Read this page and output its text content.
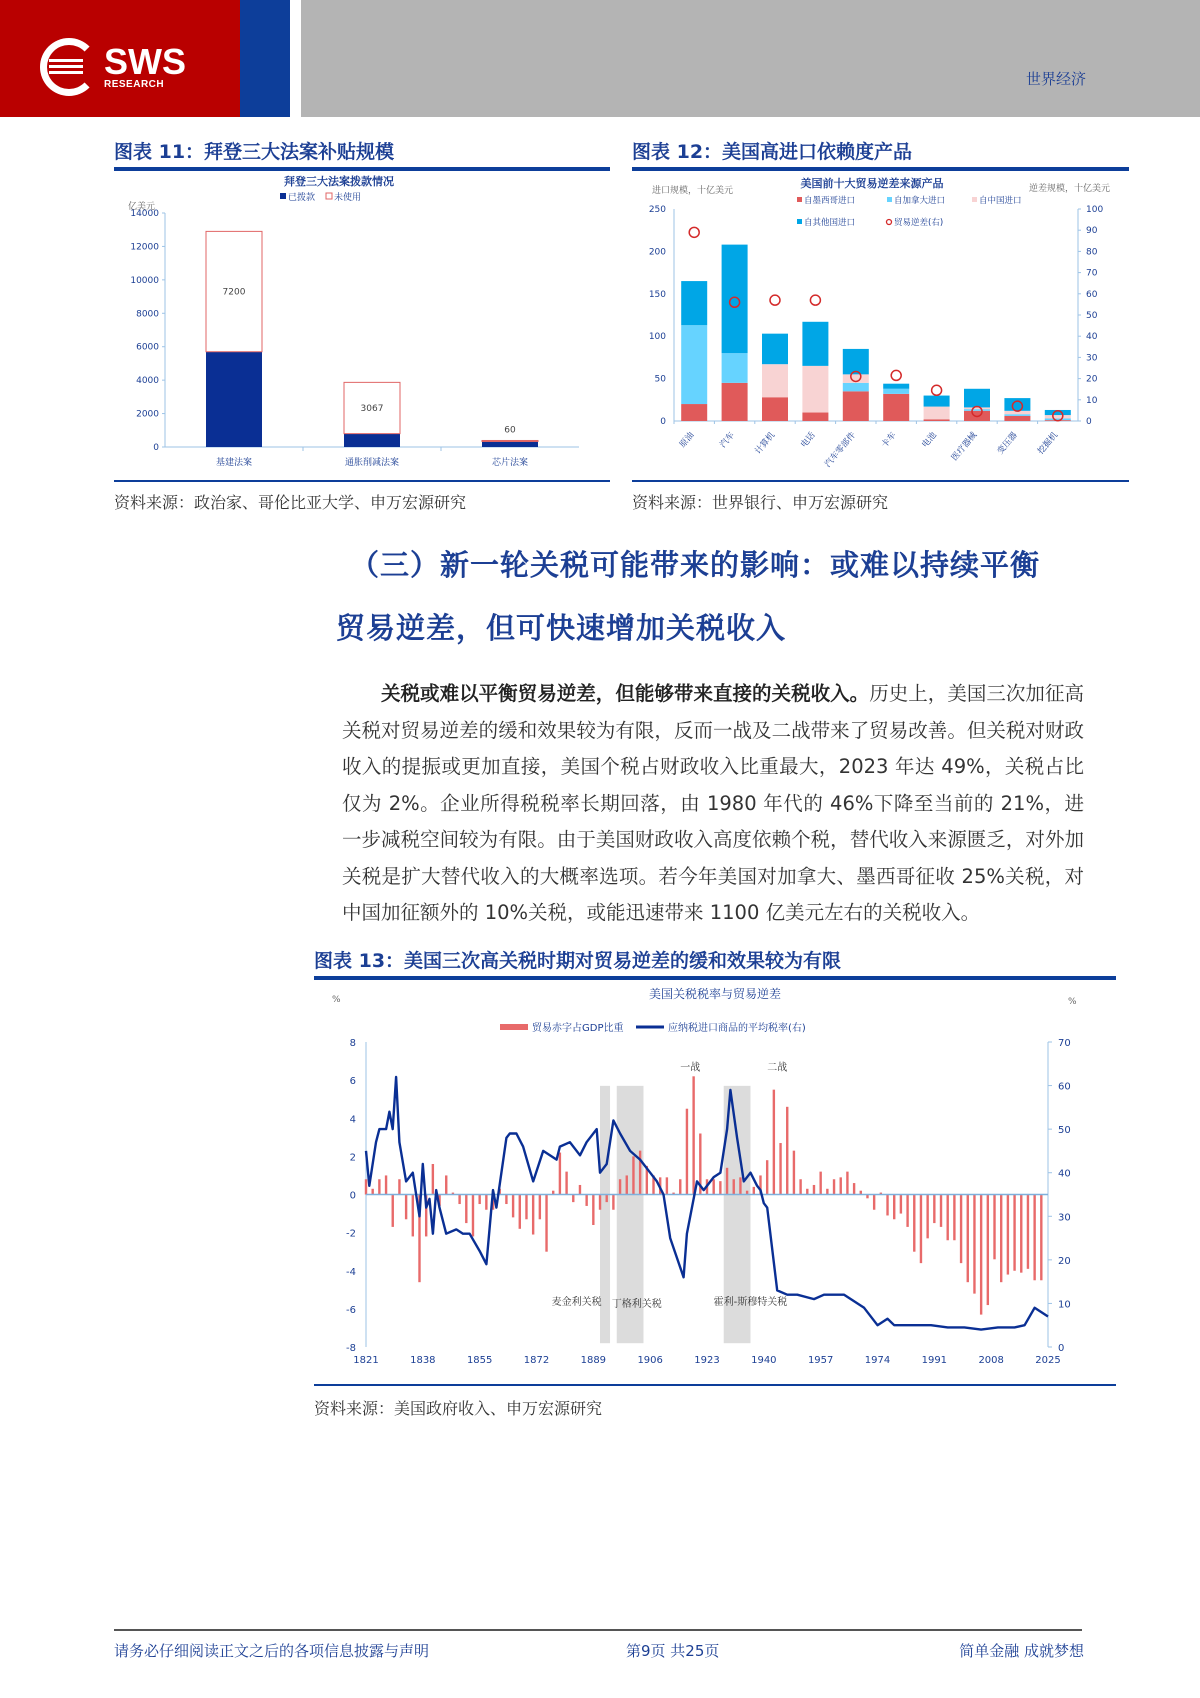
SWS
RESEARCH	世界经济
图表 11：拜登三大法案补贴规模	图表 12：美国高进口依赖度产品
拜登三大法案拨款情况
亿美元
0
2000
4000
6000
8000
10000
12000
14000
已拨款 未使用
7200
基建法案
3067
通胀削减法案
60
芯片法案
美国前十大贸易逆差来源产品
进口规模，十亿美元	逆差规模，十亿美元
0
50
100
150
200
250
0
10
20
30
40
50
60
70
80
90
100
自墨西哥进口	自加拿大进口	自中国进口
自其他国进口	贸易逆差(右)
原油	汽车 计算机	电话 汽车零部件	卡车	电池 医疗器械 变压器 挖掘机
资料来源：政治家、哥伦比亚大学、申万宏源研究	资料来源：世界银行、申万宏源研究
（三）新一轮关税可能带来的影响：或难以持续平衡
贸易逆差，但可快速增加关税收入
关税或难以平衡贸易逆差，但能够带来直接的关税收入。历史上，美国三次加征高关税对贸易逆差的缓和效果较为有限，反而一战及二战带来了贸易改善。但关税对财政收入的提振或更加直接，美国个税占财政收入比重最大，2023 年达 49%，关税占比仅为 2%。企业所得税税率长期回落，由 1980 年代的 46%下降至当前的 21%，进一步减税空间较为有限。由于美国财政收入高度依赖个税，替代收入来源匮乏，对外加关税是扩大替代收入的大概率选项。若今年美国对加拿大、墨西哥征收 25%关税，对中国加征额外的 10%关税，或能迅速带来 1100 亿美元左右的关税收入。
图表 13：美国三次高关税时期对贸易逆差的缓和效果较为有限
美国关税税率与贸易逆差
%	%
贸易赤字占GDP比重	应纳税进口商品的平均税率(右)
麦金利关税 丁格利关税	霍利-斯穆特关税
一战	二战
-8
-6
-4
-2
0
2
4
6
8
0
10
20
30
40
50
60
70
1821	1838	1855	1872	1889	1906	1923	1940	1957	1974	1991	2008	2025
资料来源：美国政府收入、申万宏源研究
请务必仔细阅读正文之后的各项信息披露与声明	第9页 共25页	简单金融 成就梦想
